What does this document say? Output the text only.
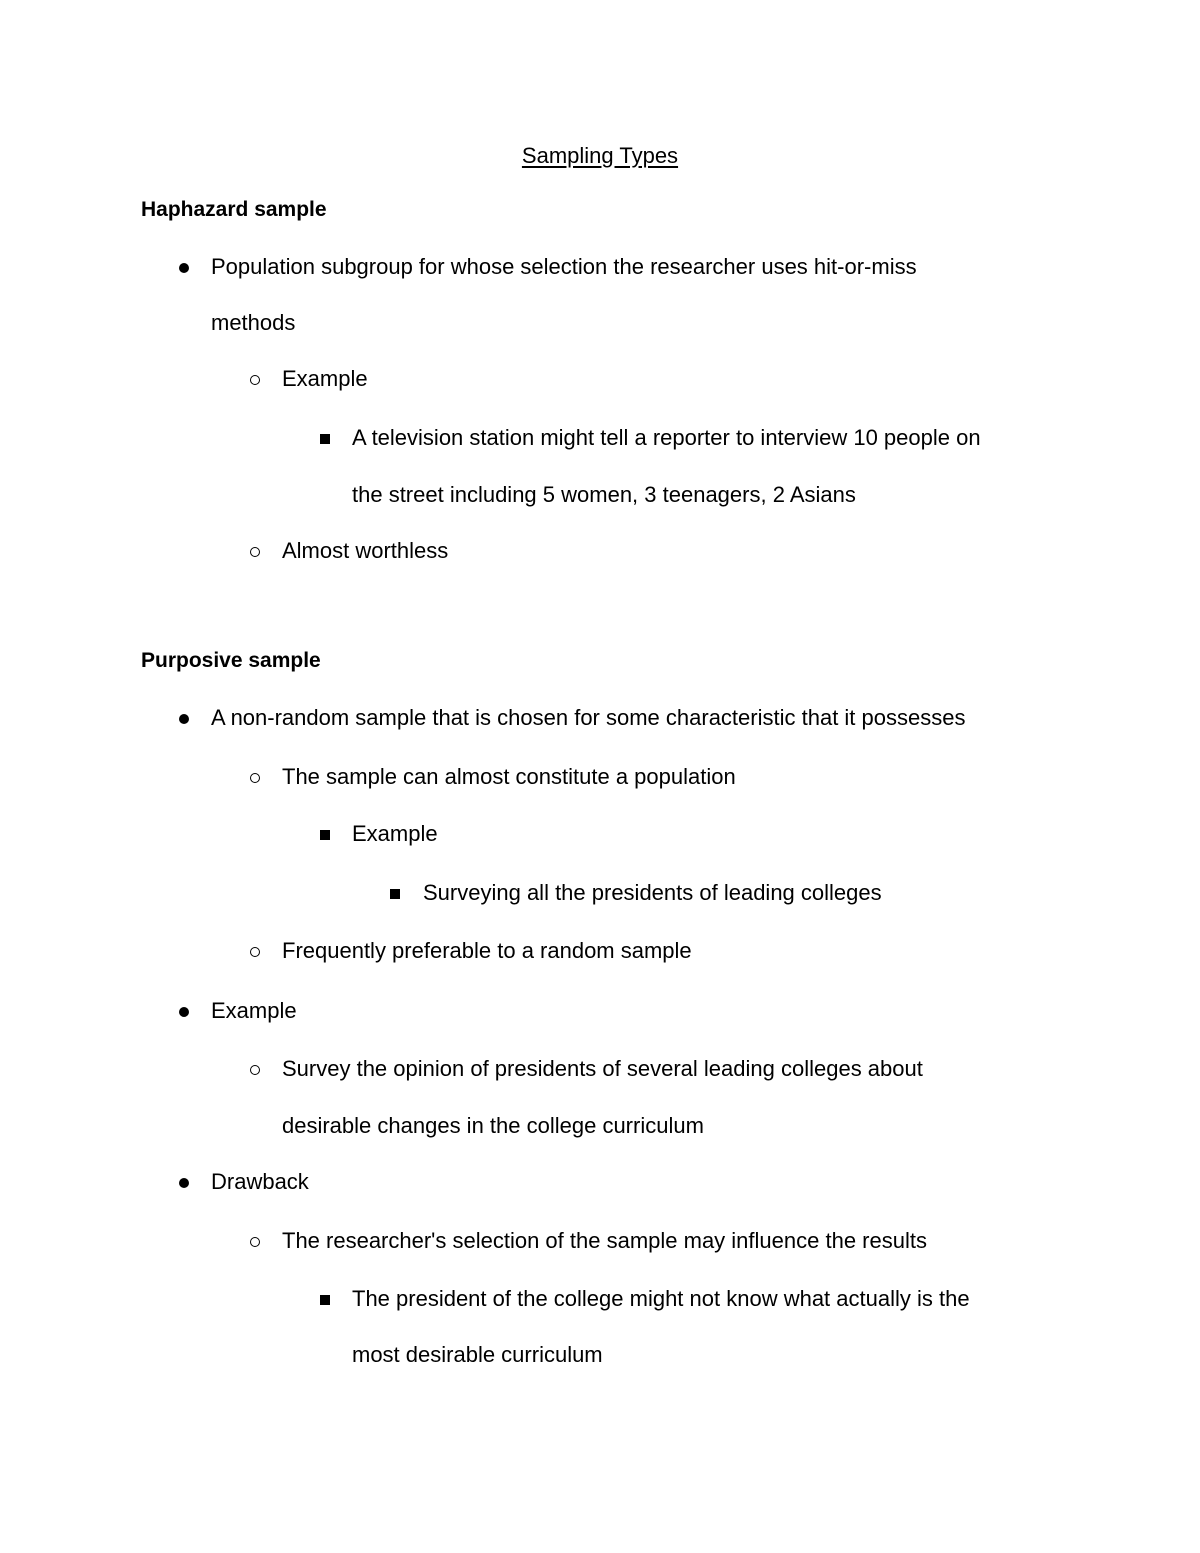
Sampling Types
Haphazard sample
Population subgroup for whose selection the researcher uses hit-or-miss
methods
Example
A television station might tell a reporter to interview 10 people on
the street including 5 women, 3 teenagers, 2 Asians
Almost worthless
Purposive sample
A non-random sample that is chosen for some characteristic that it possesses
The sample can almost constitute a population
Example
Surveying all the presidents of leading colleges
Frequently preferable to a random sample
Example
Survey the opinion of presidents of several leading colleges about
desirable changes in the college curriculum
Drawback
The researcher's selection of the sample may influence the results
The president of the college might not know what actually is the
most desirable curriculum
